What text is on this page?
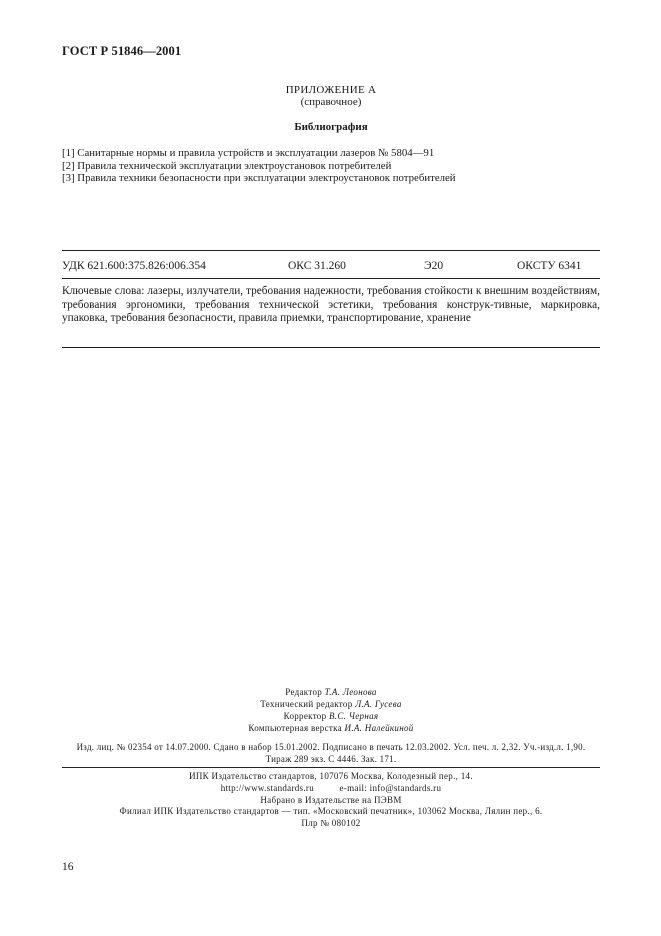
ГОСТ Р 51846—2001
ПРИЛОЖЕНИЕ А
(справочное)
Библиография
[1] Санитарные нормы и правила устройств и эксплуатации лазеров № 5804—91
[2] Правила технической эксплуатации электроустановок потребителей
[3] Правила техники безопасности при эксплуатации электроустановок потребителей
УДК 621.600:375.826:006.354	ОКС 31.260	Э20	ОКСТУ 6341
Ключевые слова: лазеры, излучатели, требования надежности, требования стойкости к внешним воздействиям, требования эргономики, требования технической эстетики, требования конструк-тивные, маркировка, упаковка, требования безопасности, правила приемки, транспортирование, хранение
Редактор Т.А. Леонова
Технический редактор Л.А. Гусева
Корректор В.С. Черная
Компьютерная верстка И.А. Налейкиной
Изд. лиц. № 02354 от 14.07.2000. Сдано в набор 15.01.2002. Подписано в печать 12.03.2002. Усл. печ. л. 2,32. Уч.-изд.л. 1,90.
Тираж 289 экз. С 4446. Зак. 171.
ИПК Издательство стандартов, 107076 Москва, Колодезный пер., 14.
http://www.standards.ru          e-mail: info@standards.ru
Набрано в Издательстве на ПЭВМ
Филиал ИПК Издательство стандартов — тип. «Московский печатник», 103062 Москва, Лялин пер., 6.
Плр № 080102
16
